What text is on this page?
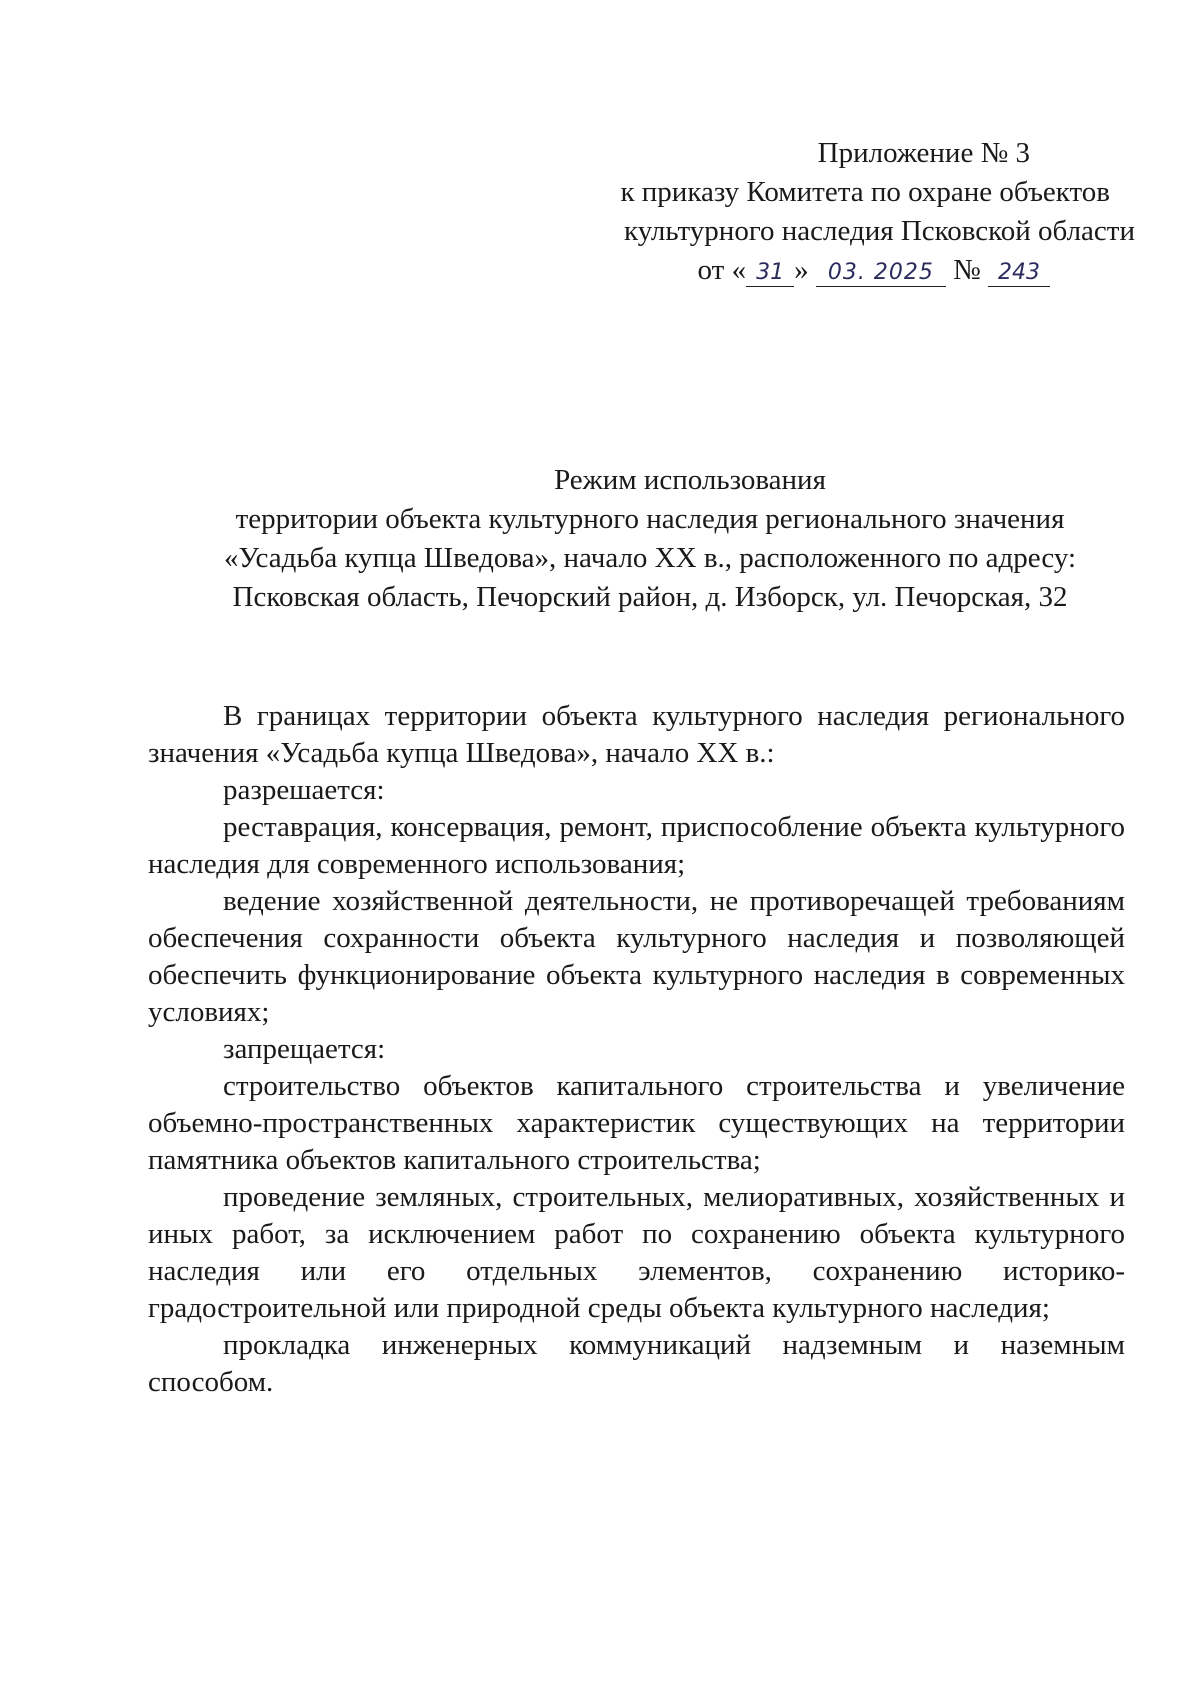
Приложение № 3
к приказу Комитета по охране объектов
культурного наследия Псковской области
от « 31 » 03. 2025 № 243
Режим использования
территории объекта культурного наследия регионального значения
«Усадьба купца Шведова», начало XX в., расположенного по адресу:
Псковская область, Печорский район, д. Изборск, ул. Печорская, 32

В границах территории объекта культурного наследия регионального значения «Усадьба купца Шведова», начало XX в.:

разрешается:

реставрация, консервация, ремонт, приспособление объекта культурного наследия для современного использования;

ведение хозяйственной деятельности, не противоречащей требованиям обеспечения сохранности объекта культурного наследия и позволяющей обеспечить функционирование объекта культурного наследия в современных условиях;

запрещается:

строительство объектов капитального строительства и увеличение объемно-пространственных характеристик существующих на территории памятника объектов капитального строительства;

проведение земляных, строительных, мелиоративных, хозяйственных и иных работ, за исключением работ по сохранению объекта культурного наследия или его отдельных элементов, сохранению историко-градостроительной или природной среды объекта культурного наследия;

прокладка инженерных коммуникаций надземным и наземным способом.
